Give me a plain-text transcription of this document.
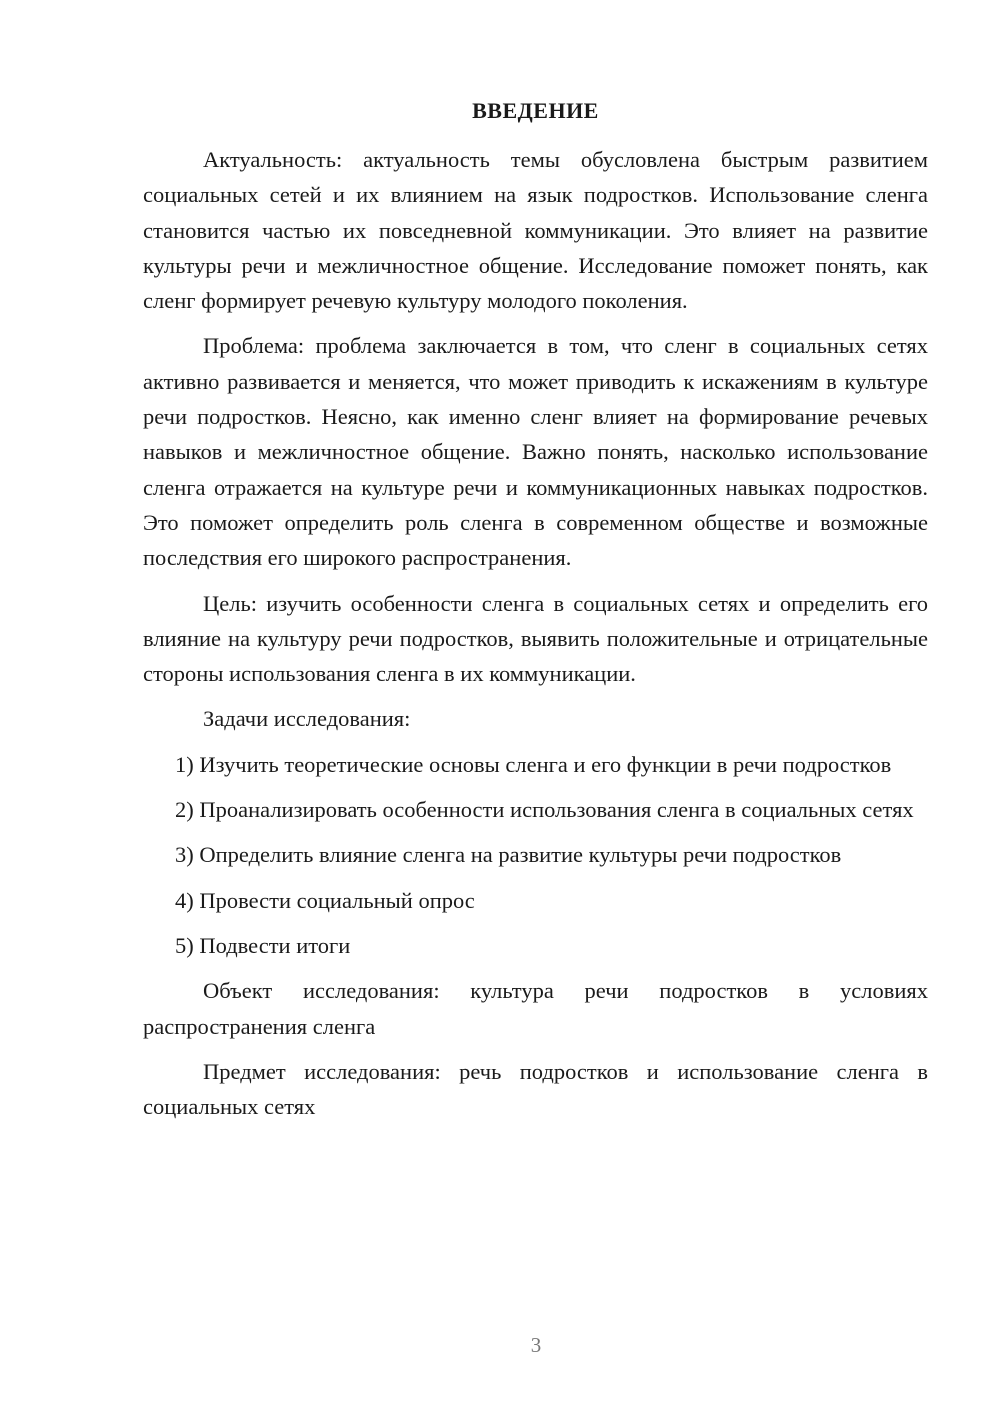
ВВЕДЕНИЕ

Актуальность: актуальность темы обусловлена быстрым развитием социальных сетей и их влиянием на язык подростков. Использование сленга становится частью их повседневной коммуникации. Это влияет на развитие культуры речи и межличностное общение. Исследование поможет понять, как сленг формирует речевую культуру молодого поколения.

Проблема: проблема заключается в том, что сленг в социальных сетях активно развивается и меняется, что может приводить к искажениям в культуре речи подростков. Неясно, как именно сленг влияет на формирование речевых навыков и межличностное общение. Важно понять, насколько использование сленга отражается на культуре речи и коммуникационных навыках подростков. Это поможет определить роль сленга в современном обществе и возможные последствия его широкого распространения.

Цель: изучить особенности сленга в социальных сетях и определить его влияние на культуру речи подростков, выявить положительные и отрицательные стороны использования сленга в их коммуникации.

Задачи исследования:

1) Изучить теоретические основы сленга и его функции в речи подростков

2) Проанализировать особенности использования сленга в социальных сетях

3) Определить влияние сленга на развитие культуры речи подростков

4) Провести социальный опрос

5) Подвести итоги

Объект исследования: культура речи подростков в условиях распространения сленга

Предмет исследования: речь подростков и использование сленга в социальных сетях

3
